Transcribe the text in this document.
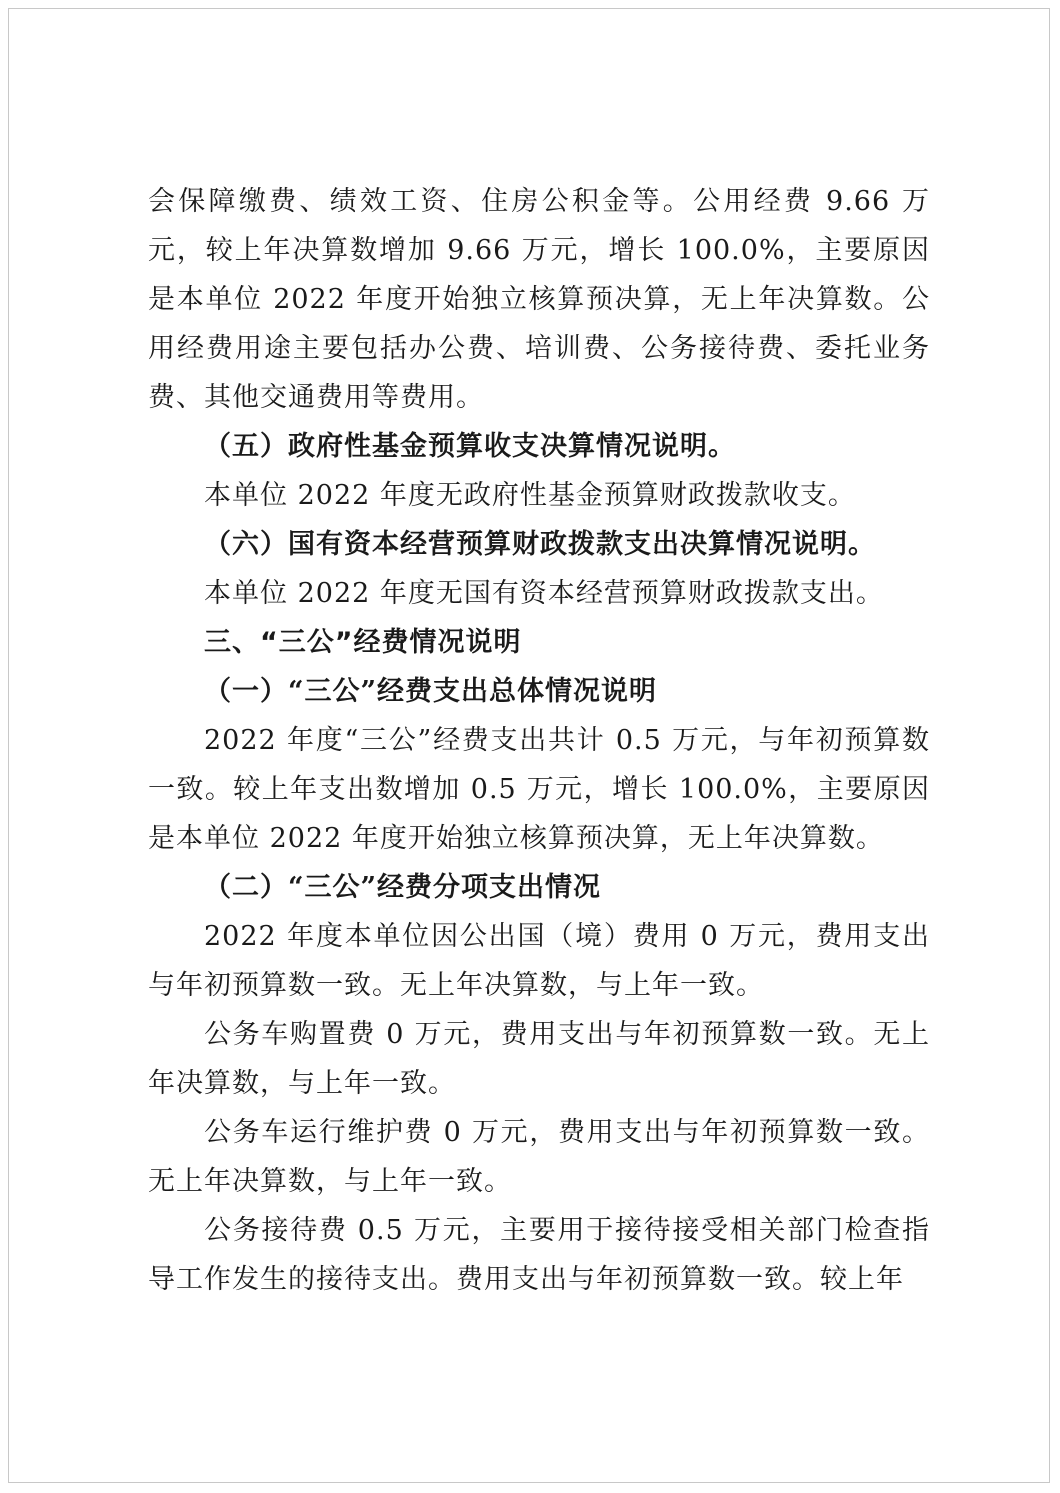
会保障缴费、绩效工资、住房公积金等。公用经费 9.66 万元，较上年决算数增加 9.66 万元，增长 100.0%，主要原因是本单位 2022 年度开始独立核算预决算，无上年决算数。公用经费用途主要包括办公费、培训费、公务接待费、委托业务费、其他交通费用等费用。

（五）政府性基金预算收支决算情况说明。

本单位 2022 年度无政府性基金预算财政拨款收支。

（六）国有资本经营预算财政拨款支出决算情况说明。

本单位 2022 年度无国有资本经营预算财政拨款支出。

三、“三公”经费情况说明

（一）“三公”经费支出总体情况说明

2022 年度“三公”经费支出共计 0.5 万元，与年初预算数一致。较上年支出数增加 0.5 万元，增长 100.0%，主要原因是本单位 2022 年度开始独立核算预决算，无上年决算数。

（二）“三公”经费分项支出情况

2022 年度本单位因公出国（境）费用 0 万元，费用支出与年初预算数一致。无上年决算数，与上年一致。

公务车购置费 0 万元，费用支出与年初预算数一致。无上年决算数，与上年一致。

公务车运行维护费 0 万元，费用支出与年初预算数一致。无上年决算数，与上年一致。

公务接待费 0.5 万元，主要用于接待接受相关部门检查指导工作发生的接待支出。费用支出与年初预算数一致。较上年
